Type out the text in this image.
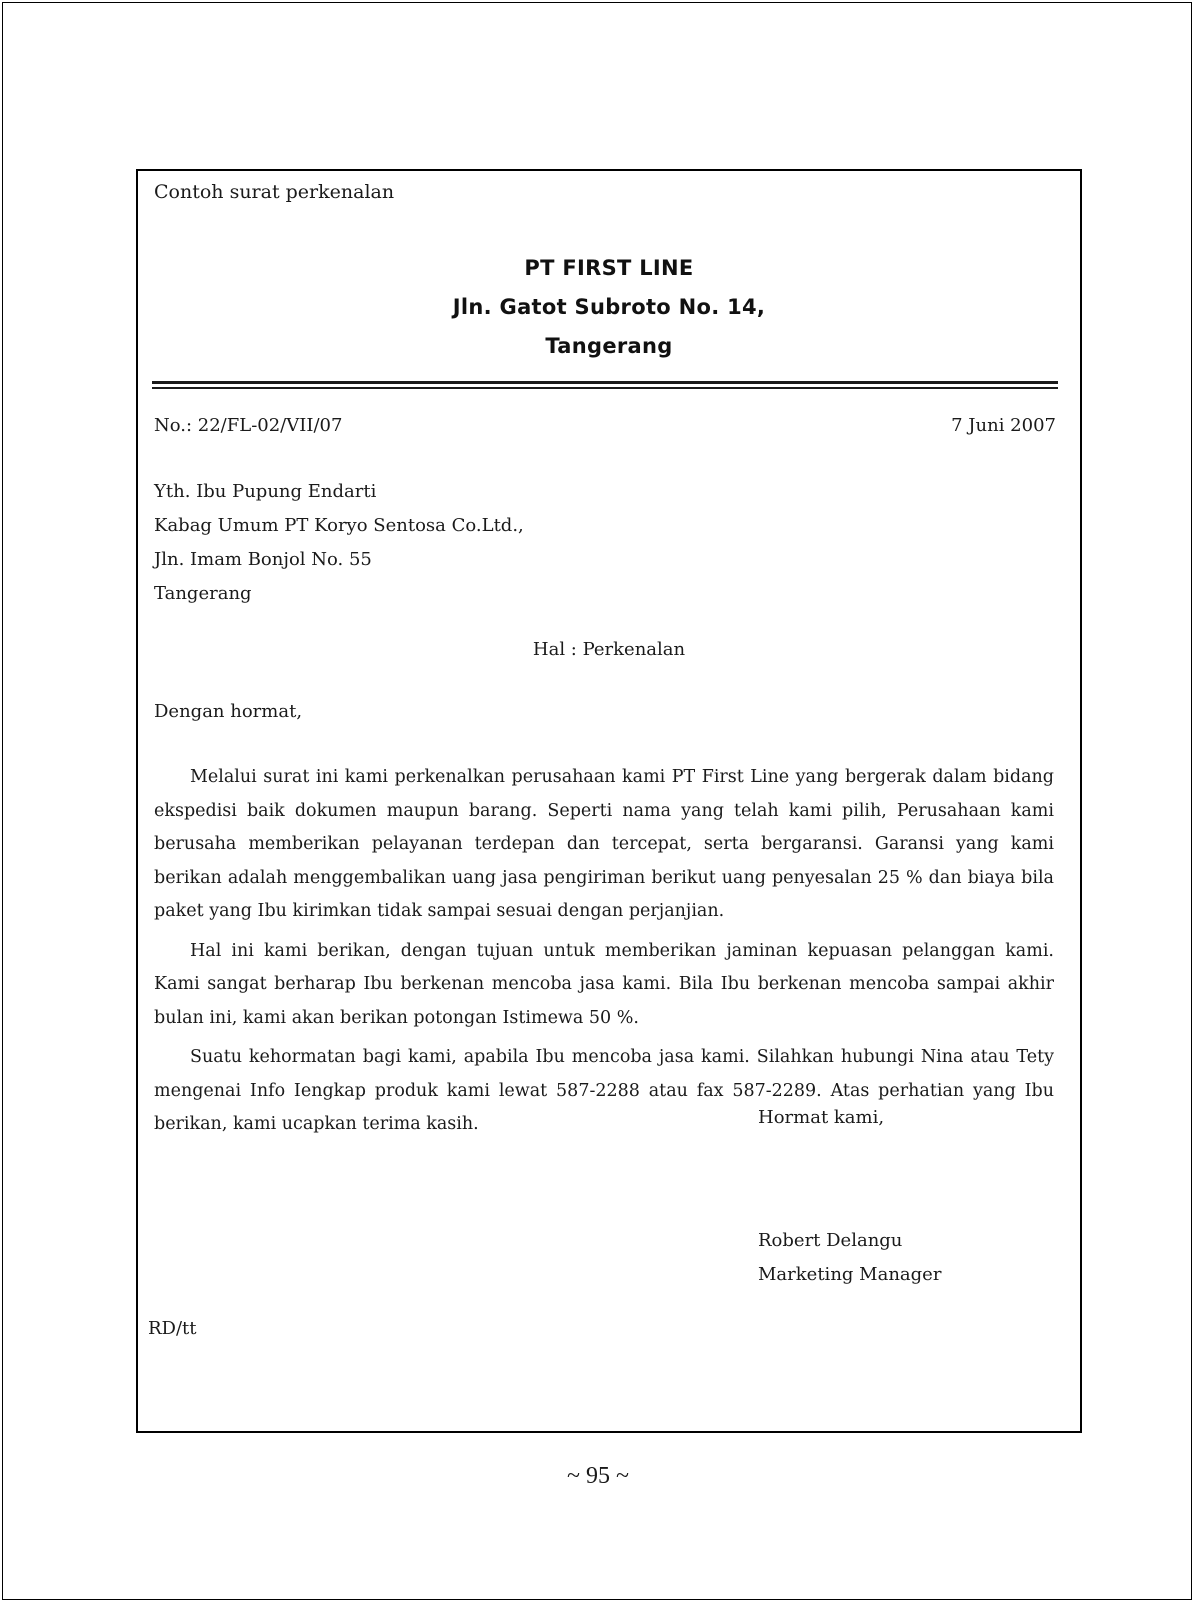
Contoh surat perkenalan
PT FIRST LINE
Jln. Gatot Subroto No. 14,
Tangerang
No.: 22/FL-02/VII/07	7 Juni 2007
Yth. Ibu Pupung Endarti
Kabag Umum PT Koryo Sentosa Co.Ltd.,
Jln. Imam Bonjol No. 55
Tangerang
Hal : Perkenalan
Dengan hormat,

Melalui surat ini kami perkenalkan perusahaan kami PT First Line yang bergerak dalam bidang ekspedisi baik dokumen maupun barang. Seperti nama yang telah kami pilih, Perusahaan kami berusaha memberikan pelayanan terdepan dan tercepat, serta bergaransi. Garansi yang kami berikan adalah menggembalikan uang jasa pengiriman berikut uang penyesalan 25 % dan biaya bila paket yang Ibu kirimkan tidak sampai sesuai dengan perjanjian.

Hal ini kami berikan, dengan tujuan untuk memberikan jaminan kepuasan pelanggan kami. Kami sangat berharap Ibu berkenan mencoba jasa kami. Bila Ibu berkenan mencoba sampai akhir bulan ini, kami akan berikan potongan Istimewa 50 %.

Suatu kehormatan bagi kami, apabila Ibu mencoba jasa kami. Silahkan hubungi Nina atau Tety mengenai Info Iengkap produk kami lewat 587-2288 atau fax 587-2289. Atas perhatian yang Ibu berikan, kami ucapkan terima kasih.	Hormat kami,
Robert Delangu
Marketing Manager
RD/tt
~ 95 ~
